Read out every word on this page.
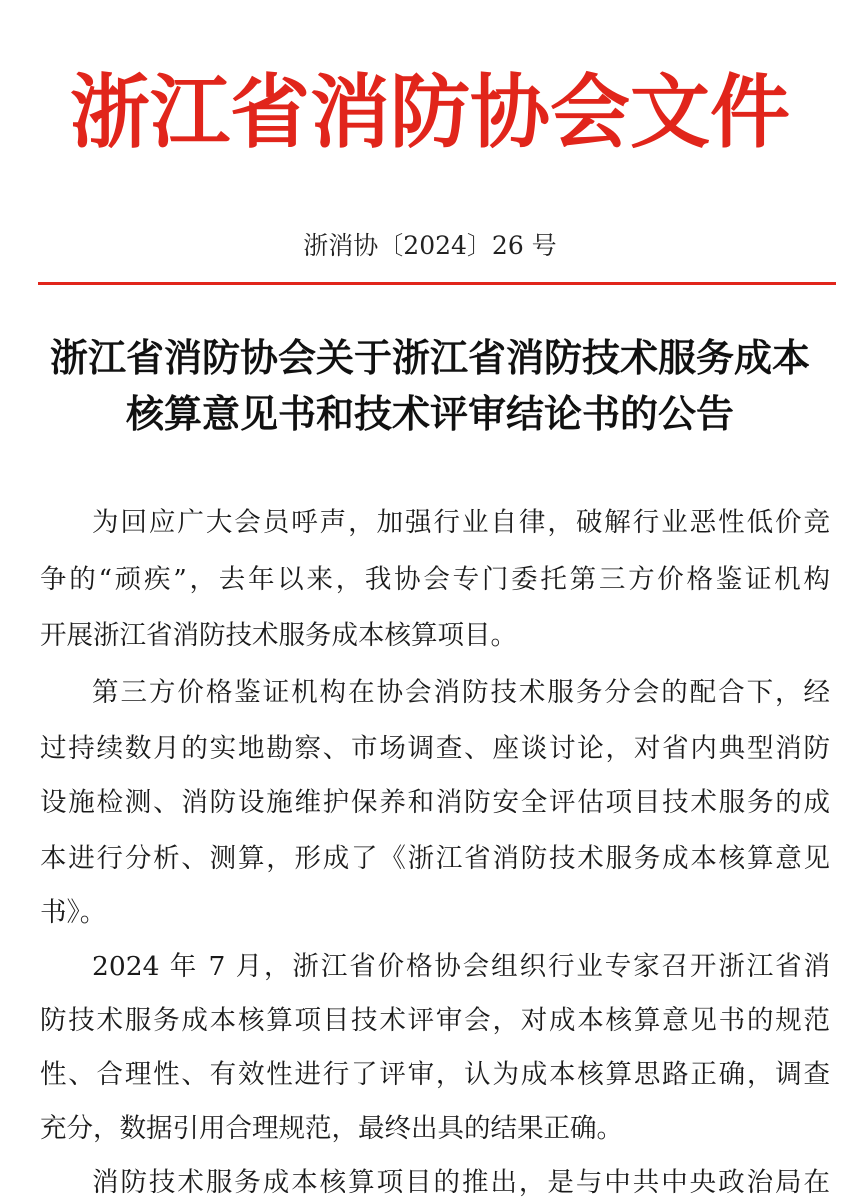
浙江省消防协会文件
浙消协〔2024〕26 号
浙江省消防协会关于浙江省消防技术服务成本
核算意见书和技术评审结论书的公告
为回应广大会员呼声，加强行业自律，破解行业恶性低价竞
争的“顽疾”，去年以来，我协会专门委托第三方价格鉴证机构
开展浙江省消防技术服务成本核算项目。
第三方价格鉴证机构在协会消防技术服务分会的配合下，经
过持续数月的实地勘察、市场调查、座谈讨论，对省内典型消防
设施检测、消防设施维护保养和消防安全评估项目技术服务的成
本进行分析、测算，形成了《浙江省消防技术服务成本核算意见
书》。
2024 年 7 月，浙江省价格协会组织行业专家召开浙江省消
防技术服务成本核算项目技术评审会，对成本核算意见书的规范
性、合理性、有效性进行了评审，认为成本核算思路正确，调查
充分，数据引用合理规范，最终出具的结果正确。
消防技术服务成本核算项目的推出，是与中共中央政治局在
